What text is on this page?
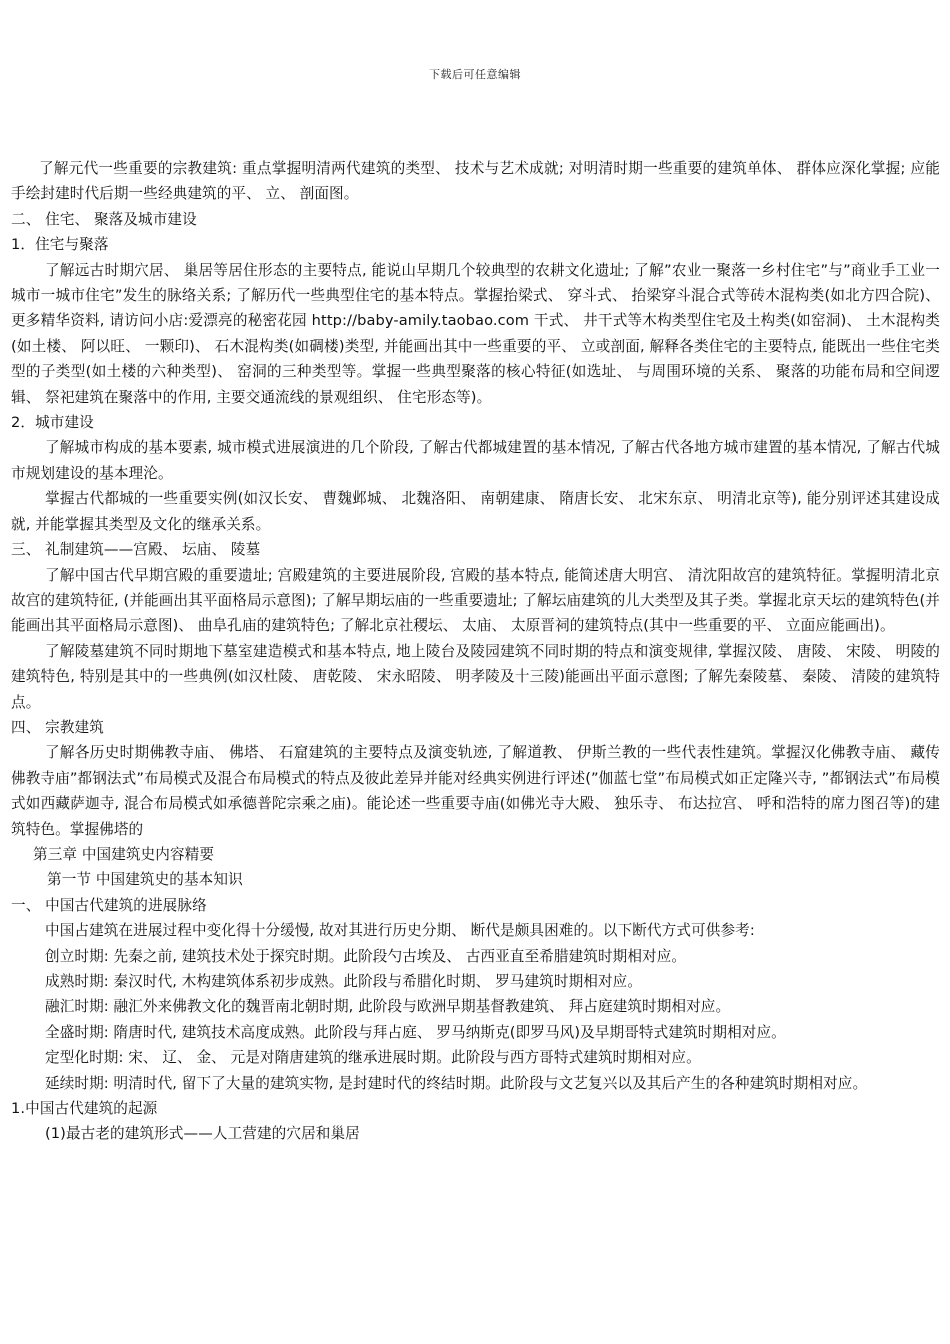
下载后可任意编辑

了解元代一些重要的宗教建筑: 重点掌握明清两代建筑的类型、 技术与艺术成就; 对明清时期一些重要的建筑单体、 群体应深化掌握; 应能手绘封建时代后期一些经典建筑的平、 立、 剖面图。

二、 住宅、 聚落及城市建设

1．住宅与聚落

了解远古时期穴居、 巢居等居住形态的主要特点, 能说山早期几个较典型的农耕文化遗址; 了解”农业一聚落一乡村住宅”与”商业手工业一城市一城市住宅”发生的脉络关系; 了解历代一些典型住宅的基本特点。掌握抬梁式、 穿斗式、 抬梁穿斗混合式等砖木混构类(如北方四合院)、 更多精华资料, 请访问小店:爱漂亮的秘密花园 http://baby-amily.taobao.com 干式、 井干式等木构类型住宅及土构类(如窑洞)、 土木混构类(如土楼、 阿以旺、 一颗印)、 石木混构类(如碉楼)类型, 并能画出其中一些重要的平、 立或剖面, 解释各类住宅的主要特点, 能既出一些住宅类型的子类型(如土楼的六种类型)、 窑洞的三种类型等。掌握一些典型聚落的核心特征(如选址、 与周围环境的关系、 聚落的功能布局和空间逻辑、 祭祀建筑在聚落中的作用, 主要交通流线的景观组织、 住宅形态等)。

2．城市建设

了解城市构成的基本要素, 城市模式进展演进的几个阶段, 了解古代都城建置的基本情况, 了解古代各地方城市建置的基本情况, 了解古代城市规划建设的基本理沦。

掌握古代都城的一些重要实例(如汉长安、 曹魏邺城、 北魏洛阳、 南朝建康、 隋唐长安、 北宋东京、 明清北京等), 能分别评述其建设成就, 并能掌握其类型及文化的继承关系。

三、 礼制建筑——宫殿、 坛庙、 陵墓

了解中国古代早期宫殿的重要遗址; 宫殿建筑的主要进展阶段, 宫殿的基本特点, 能简述唐大明宫、 清沈阳故宫的建筑特征。掌握明清北京故宫的建筑特征, (并能画出其平面格局示意图); 了解早期坛庙的一些重要遗址; 了解坛庙建筑的儿大类型及其子类。掌握北京天坛的建筑特色(并能画出其平面格局示意图)、 曲阜孔庙的建筑特色; 了解北京社稷坛、 太庙、 太原晋祠的建筑特点(其中一些重要的平、 立面应能画出)。

了解陵墓建筑不同时期地下墓室建造模式和基本特点, 地上陵台及陵园建筑不同时期的特点和演变规律, 掌握汉陵、 唐陵、 宋陵、 明陵的建筑特色, 特别是其中的一些典例(如汉杜陵、 唐乾陵、 宋永昭陵、 明孝陵及十三陵)能画出平面示意图; 了解先秦陵墓、 秦陵、 清陵的建筑特点。

四、 宗教建筑

了解各历史时期佛教寺庙、 佛塔、 石窟建筑的主要特点及演变轨迹, 了解道教、 伊斯兰教的一些代表性建筑。掌握汉化佛教寺庙、 藏传佛教寺庙”都钢法式”布局模式及混合布局模式的特点及彼此差异并能对经典实例进行评述(”伽蓝七堂”布局模式如正定隆兴寺, ”都钢法式”布局模式如西藏萨迦寺, 混合布局模式如承德普陀宗乘之庙)。能论述一些重要寺庙(如佛光寺大殿、 独乐寺、 布达拉宫、 呼和浩特的席力图召等)的建筑特色。掌握佛塔的

第三章 中国建筑史内容精要

第一节 中国建筑史的基本知识

一、 中国古代建筑的进展脉络

中国占建筑在进展过程中变化得十分缓慢, 故对其进行历史分期、 断代是颇具困难的。以下断代方式可供参考:

创立时期: 先秦之前, 建筑技术处于探究时期。此阶段勺古埃及、 古西亚直至希腊建筑时期相对应。

成熟时期: 秦汉时代, 木构建筑体系初步成熟。此阶段与希腊化时期、 罗马建筑时期相对应。

融汇时期: 融汇外来佛教文化的魏晋南北朝时期, 此阶段与欧洲早期基督教建筑、 拜占庭建筑时期相对应。

全盛时期: 隋唐时代, 建筑技术高度成熟。此阶段与拜占庭、 罗马纳斯克(即罗马风)及早期哥特式建筑时期相对应。

定型化时期: 宋、 辽、 金、 元是对隋唐建筑的继承进展时期。此阶段与西方哥特式建筑时期相对应。

延续时期: 明清时代, 留下了大量的建筑实物, 是封建时代的终结时期。此阶段与文艺复兴以及其后产生的各种建筑时期相对应。

1.中国古代建筑的起源

(1)最古老的建筑形式——人工营建的穴居和巢居
